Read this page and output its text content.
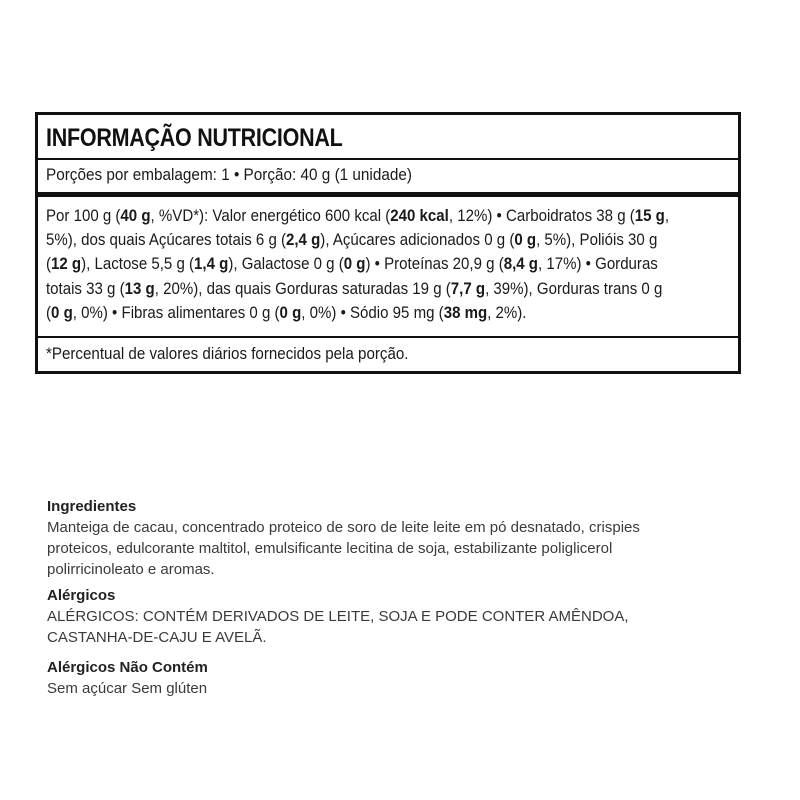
INFORMAÇÃO NUTRICIONAL

Porções por embalagem: 1 • Porção: 40 g (1 unidade)

Por 100 g (40 g, %VD*): Valor energético 600 kcal (240 kcal, 12%) • Carboidratos 38 g (15 g,
5%), dos quais Açúcares totais 6 g (2,4 g), Açúcares adicionados 0 g (0 g, 5%), Polióis 30 g
(12 g), Lactose 5,5 g (1,4 g), Galactose 0 g (0 g) • Proteínas 20,9 g (8,4 g, 17%) • Gorduras
totais 33 g (13 g, 20%), das quais Gorduras saturadas 19 g (7,7 g, 39%), Gorduras trans 0 g
(0 g, 0%) • Fibras alimentares 0 g (0 g, 0%) • Sódio 95 mg (38 mg, 2%).

*Percentual de valores diários fornecidos pela porção.

Ingredientes

Manteiga de cacau, concentrado proteico de soro de leite leite em pó desnatado, crispies
proteicos, edulcorante maltitol, emulsificante lecitina de soja, estabilizante poliglicerol
polirricinoleato e aromas.

Alérgicos

ALÉRGICOS: CONTÉM DERIVADOS DE LEITE, SOJA E PODE CONTER AMÊNDOA,
CASTANHA-DE-CAJU E AVELÃ.

Alérgicos Não Contém

Sem açúcar Sem glúten
